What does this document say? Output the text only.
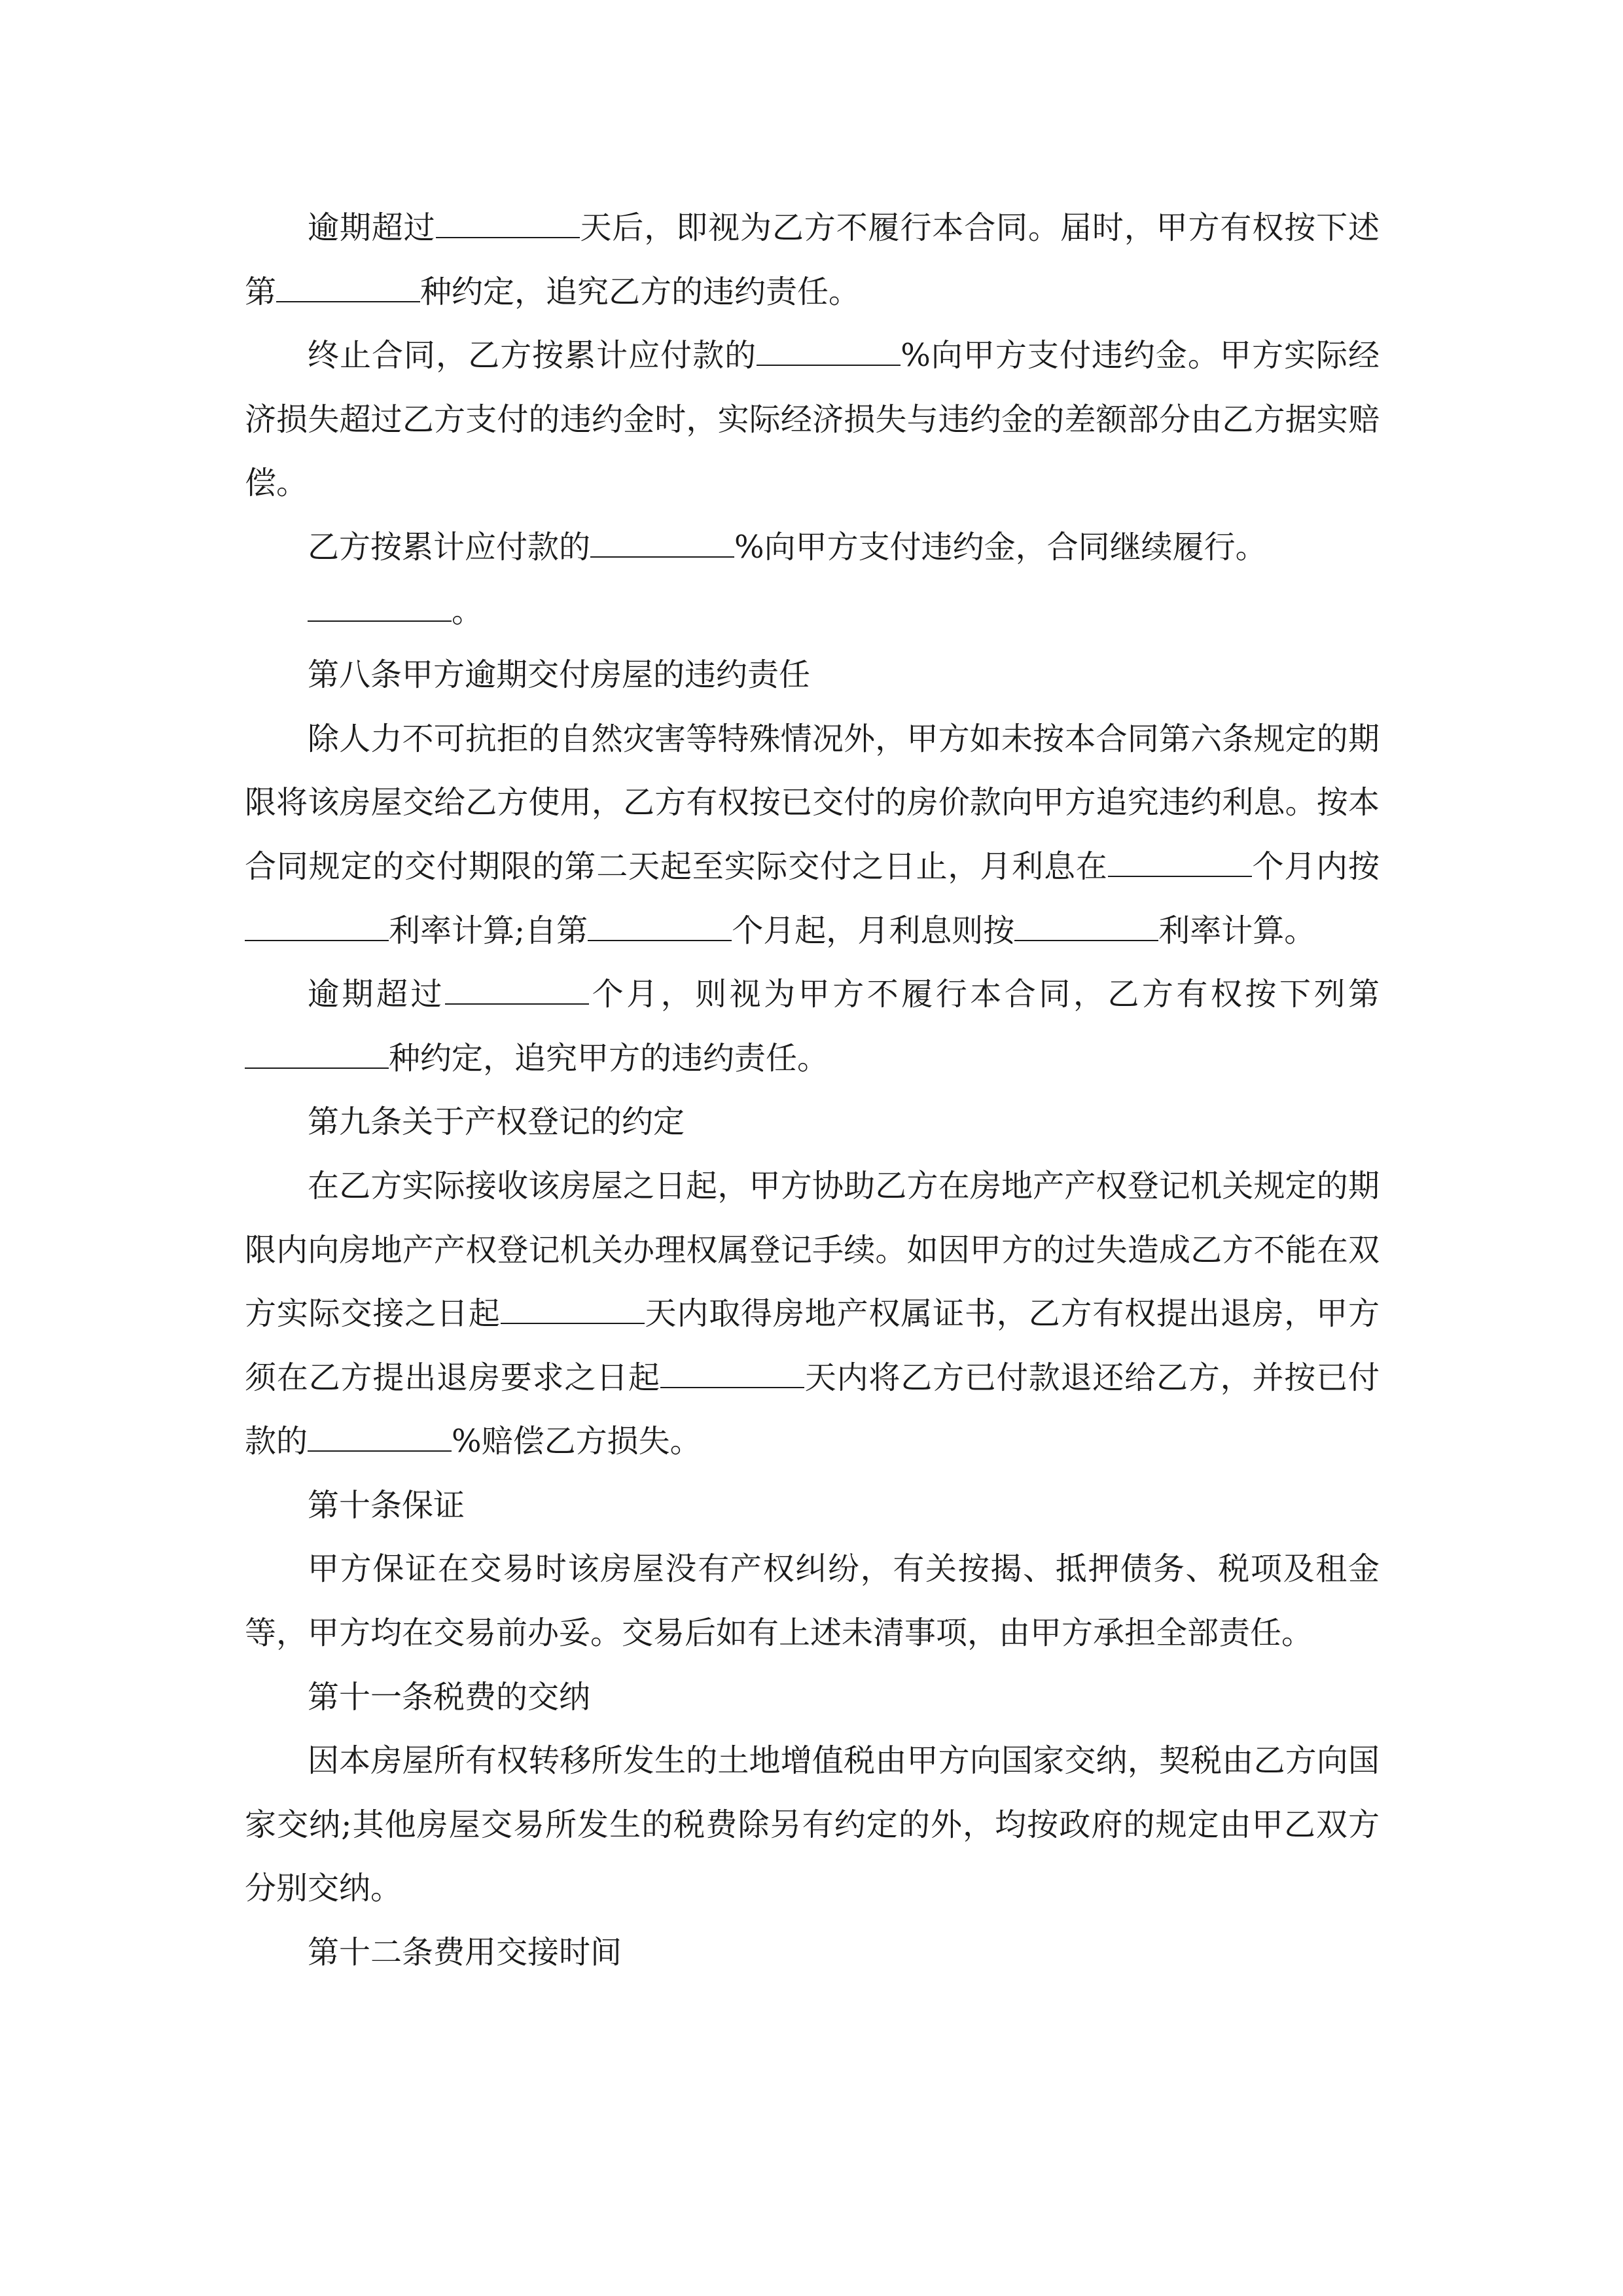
逾期超过	天后，即视为乙方不履行本合同。届时，甲方有权按下述第	种约定，追究乙方的违约责任。

终止合同，乙方按累计应付款的	%向甲方支付违约金。甲方实际经济损失超过乙方支付的违约金时，实际经济损失与违约金的差额部分由乙方据实赔偿。

乙方按累计应付款的	%向甲方支付违约金，合同继续履行。

。

第八条甲方逾期交付房屋的违约责任

除人力不可抗拒的自然灾害等特殊情况外，甲方如未按本合同第六条规定的期限将该房屋交给乙方使用，乙方有权按已交付的房价款向甲方追究违约利息。按本合同规定的交付期限的第二天起至实际交付之日止，月利息在	个月内按利率计算;自第	个月起，月利息则按	利率计算。

逾期超过	个月，则视为甲方不履行本合同，乙方有权按下列第种约定，追究甲方的违约责任。

第九条关于产权登记的约定

在乙方实际接收该房屋之日起，甲方协助乙方在房地产产权登记机关规定的期限内向房地产产权登记机关办理权属登记手续。如因甲方的过失造成乙方不能在双方实际交接之日起	天内取得房地产权属证书，乙方有权提出退房，甲方须在乙方提出退房要求之日起	天内将乙方已付款退还给乙方，并按已付款的	%赔偿乙方损失。

第十条保证

甲方保证在交易时该房屋没有产权纠纷，有关按揭、抵押债务、税项及租金等，甲方均在交易前办妥。交易后如有上述未清事项，由甲方承担全部责任。

第十一条税费的交纳

因本房屋所有权转移所发生的土地增值税由甲方向国家交纳，契税由乙方向国家交纳;其他房屋交易所发生的税费除另有约定的外，均按政府的规定由甲乙双方分别交纳。

第十二条费用交接时间
